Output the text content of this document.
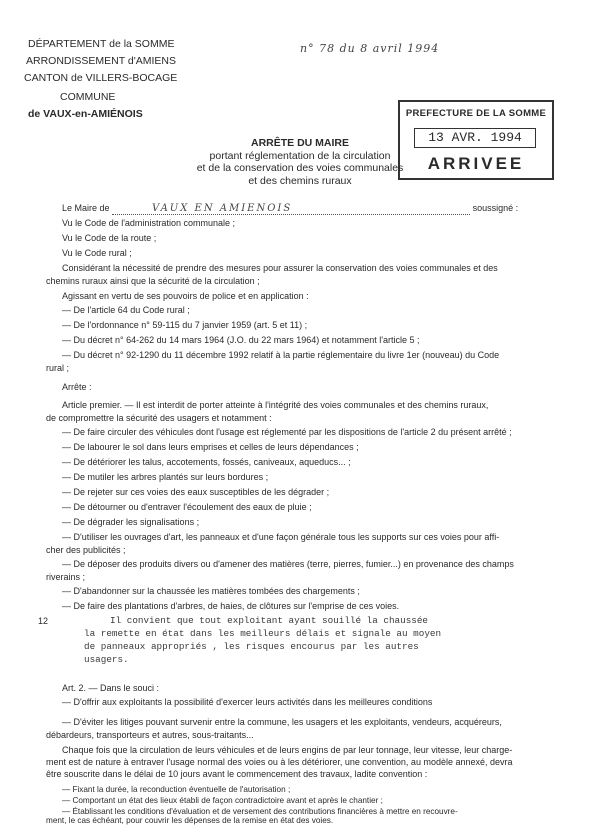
DÉPARTEMENT de la SOMME
ARRONDISSEMENT d'AMIENS
CANTON de VILLERS-BOCAGE
COMMUNE
de VAUX-en-AMIÉNOIS
n° 78 du 8 avril 1994
PREFECTURE DE LA SOMME
13 AVR. 1994
ARRIVEE
ARRÊTE DU MAIRE
portant réglementation de la circulation
et de la conservation des voies communales
et des chemins ruraux
Le Maire de	VAUX EN AMIENOIS	soussigné :
Vu le Code de l'administration communale ;
Vu le Code de la route ;
Vu le Code rural ;
Considérant la nécessité de prendre des mesures pour assurer la conservation des voies communales et des
chemins ruraux ainsi que la sécurité de la circulation ;
Agissant en vertu de ses pouvoirs de police et en application :
— De l'article 64 du Code rural ;
— De l'ordonnance n° 59-115 du 7 janvier 1959 (art. 5 et 11) ;
— Du décret n° 64-262 du 14 mars 1964 (J.O. du 22 mars 1964) et notamment l'article 5 ;
— Du décret n° 92-1290 du 11 décembre 1992 relatif à la partie réglementaire du livre 1er (nouveau) du Code
rural ;
Arrête :
Article premier. — Il est interdit de porter atteinte à l'intégrité des voies communales et des chemins ruraux,
de compromettre la sécurité des usagers et notamment :
— De faire circuler des véhicules dont l'usage est réglementé par les dispositions de l'article 2 du présent arrêté ;
— De labourer le sol dans leurs emprises et celles de leurs dépendances ;
— De détériorer les talus, accotements, fossés, caniveaux, aqueducs... ;
— De mutiler les arbres plantés sur leurs bordures ;
— De rejeter sur ces voies des eaux susceptibles de les dégrader ;
— De détourner ou d'entraver l'écoulement des eaux de pluie ;
— De dégrader les signalisations ;
— D'utiliser les ouvrages d'art, les panneaux et d'une façon générale tous les supports sur ces voies pour affi-
cher des publicités ;
— De déposer des produits divers ou d'amener des matières (terre, pierres, fumier...) en provenance des champs
riverains ;
— D'abandonner sur la chaussée les matières tombées des chargements ;
— De faire des plantations d'arbres, de haies, de clôtures sur l'emprise de ces voies.
12	Il convient que tout exploitant ayant souillé la chaussée
la remette en état dans les meilleurs délais et signale au moyen
de panneaux appropriés , les risques encourus par les autres
usagers.
Art. 2. — Dans le souci :
— D'offrir aux exploitants la possibilité d'exercer leurs activités dans les meilleures conditions
— D'éviter les litiges pouvant survenir entre la commune, les usagers et les exploitants, vendeurs, acquéreurs,
débardeurs, transporteurs et autres, sous-traitants...
Chaque fois que la circulation de leurs véhicules et de leurs engins de par leur tonnage, leur vitesse, leur charge-
ment est de nature à entraver l'usage normal des voies ou à les détériorer, une convention, au modèle annexé, devra
être souscrite dans le délai de 10 jours avant le commencement des travaux, ladite convention :
— Fixant la durée, la reconduction éventuelle de l'autorisation ;
— Comportant un état des lieux établi de façon contradictoire avant et après le chantier ;
— Établissant les conditions d'évaluation et de versement des contributions financières à mettre en recouvre-
ment, le cas échéant, pour couvrir les dépenses de la remise en état des voies.
